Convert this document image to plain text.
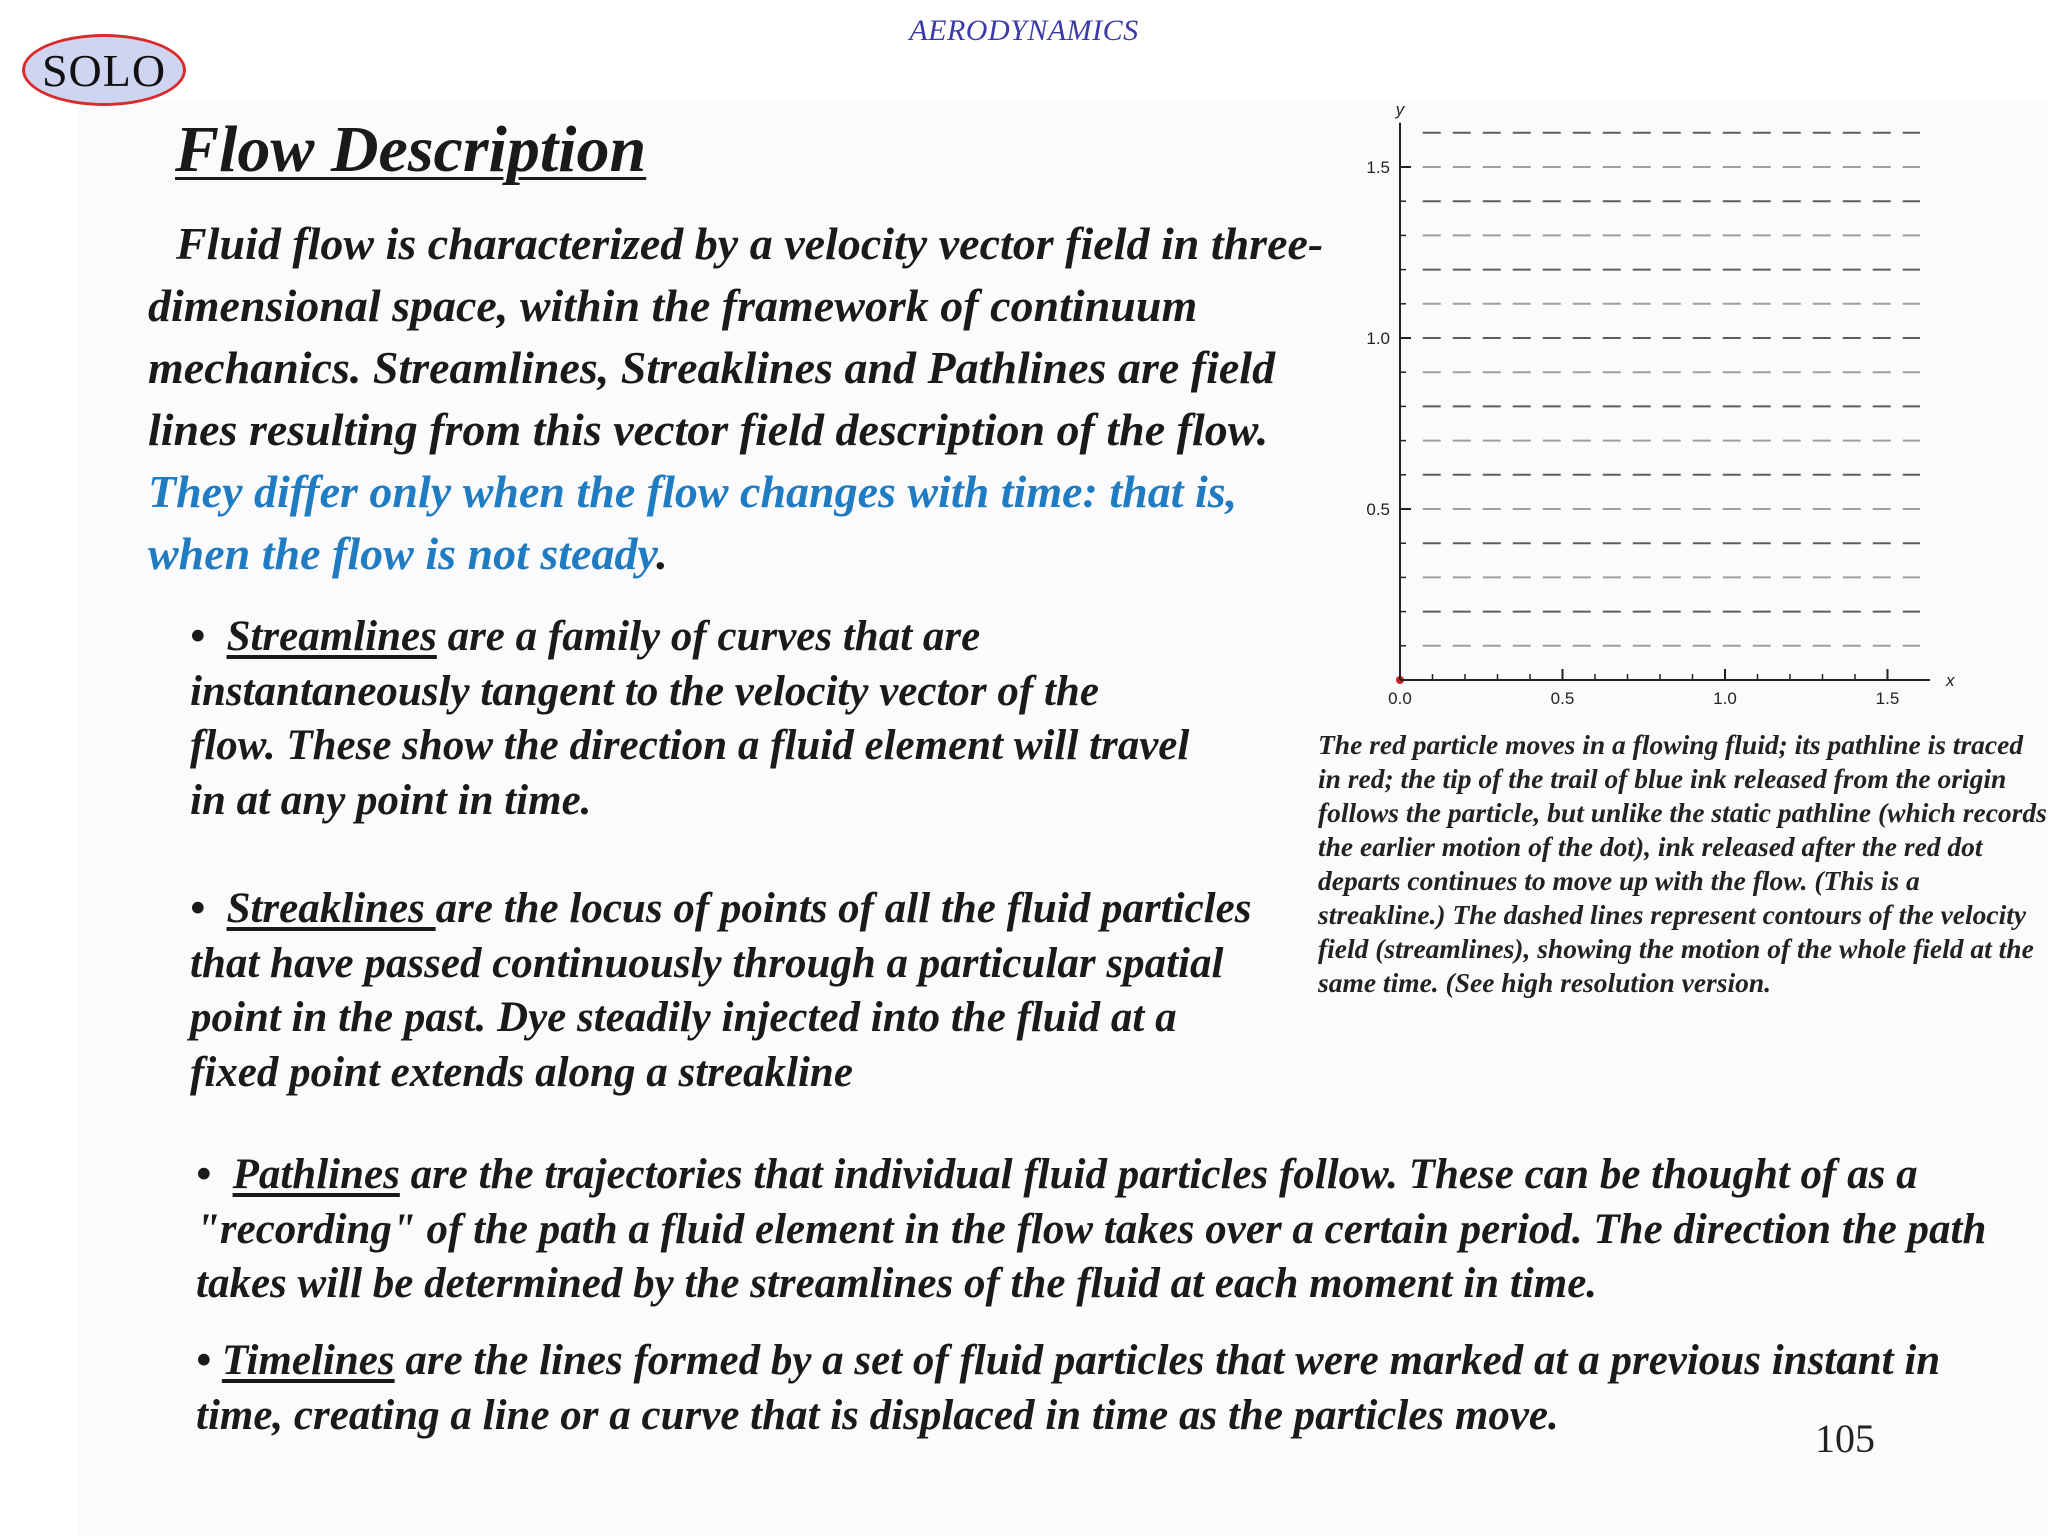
AERODYNAMICS
SOLO
Flow Description
Fluid flow is characterized by a velocity vector field in three-dimensional space, within the framework of continuum mechanics. Streamlines, Streaklines and Pathlines are field lines resulting from this vector field description of the flow. They differ only when the flow changes with time: that is, when the flow is not steady.
• Streamlines are a family of curves that are instantaneously tangent to the velocity vector of the flow. These show the direction a fluid element will travel in at any point in time.
• Streaklines are the locus of points of all the fluid particles that have passed continuously through a particular spatial point in the past. Dye steadily injected into the fluid at a fixed point extends along a streakline
• Pathlines are the trajectories that individual fluid particles follow. These can be thought of as a "recording" of the path a fluid element in the flow takes over a certain period. The direction the path takes will be determined by the streamlines of the fluid at each moment in time.
• Timelines are the lines formed by a set of fluid particles that were marked at a previous instant in time, creating a line or a curve that is displaced in time as the particles move.
0.0	0.5	1.0	1.5
0.5
1.0
1.5
x
y
The red particle moves in a flowing fluid; its pathline is traced in red; the tip of the trail of blue ink released from the origin follows the particle, but unlike the static pathline (which records the earlier motion of the dot), ink released after the red dot departs continues to move up with the flow. (This is a streakline.) The dashed lines represent contours of the velocity field (streamlines), showing the motion of the whole field at the same time. (See high resolution version.
105
